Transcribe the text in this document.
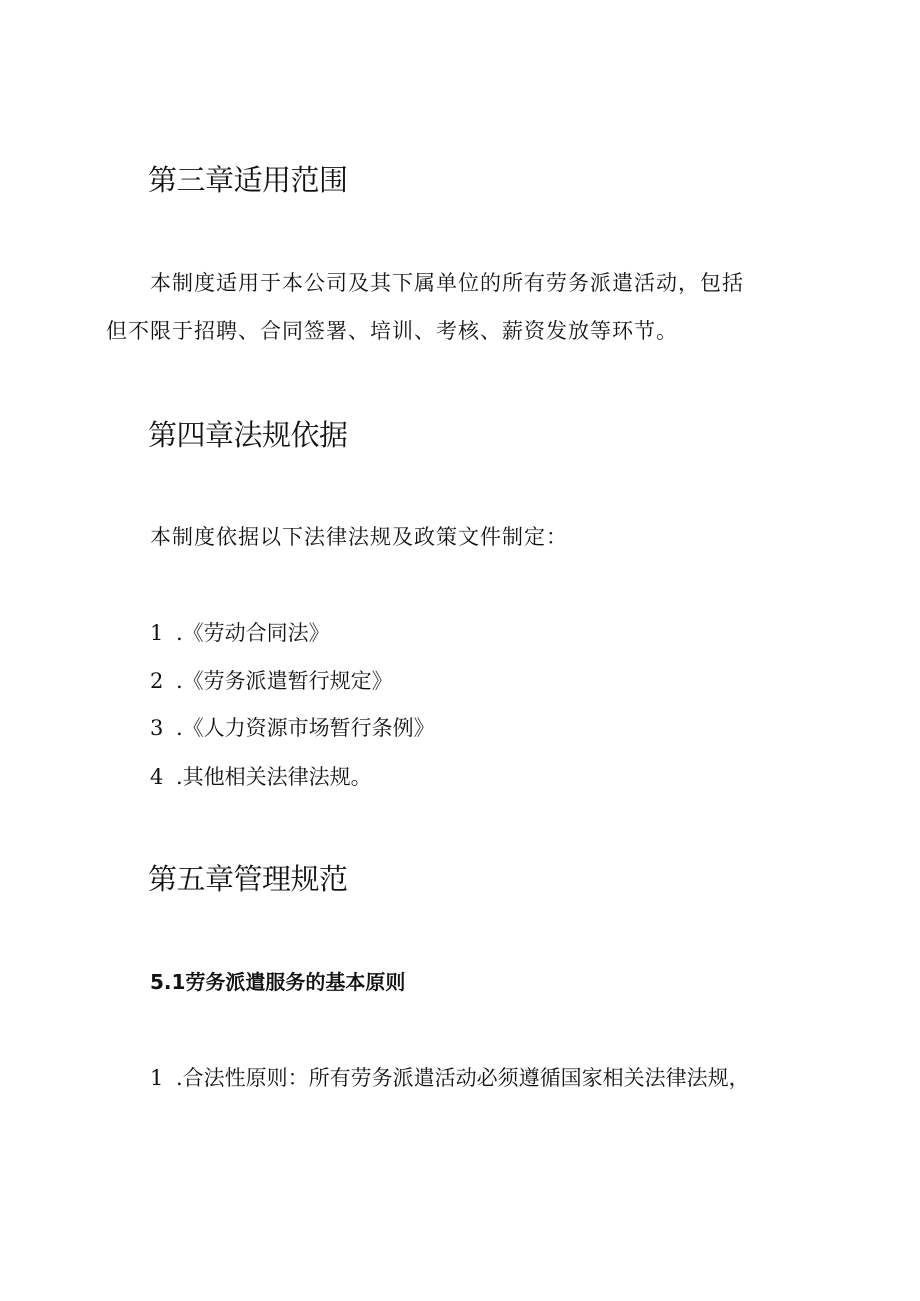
第三章适用范围

本制度适用于本公司及其下属单位的所有劳务派遣活动，包括

但不限于招聘、合同签署、培训、考核、薪资发放等环节。

第四章法规依据

本制度依据以下法律法规及政策文件制定：

1 .《劳动合同法》

2 .《劳务派遣暂行规定》

3 .《人力资源市场暂行条例》

4 .其他相关法律法规。

第五章管理规范
5.1劳务派遣服务的基本原则

1 .合法性原则：所有劳务派遣活动必须遵循国家相关法律法规，
